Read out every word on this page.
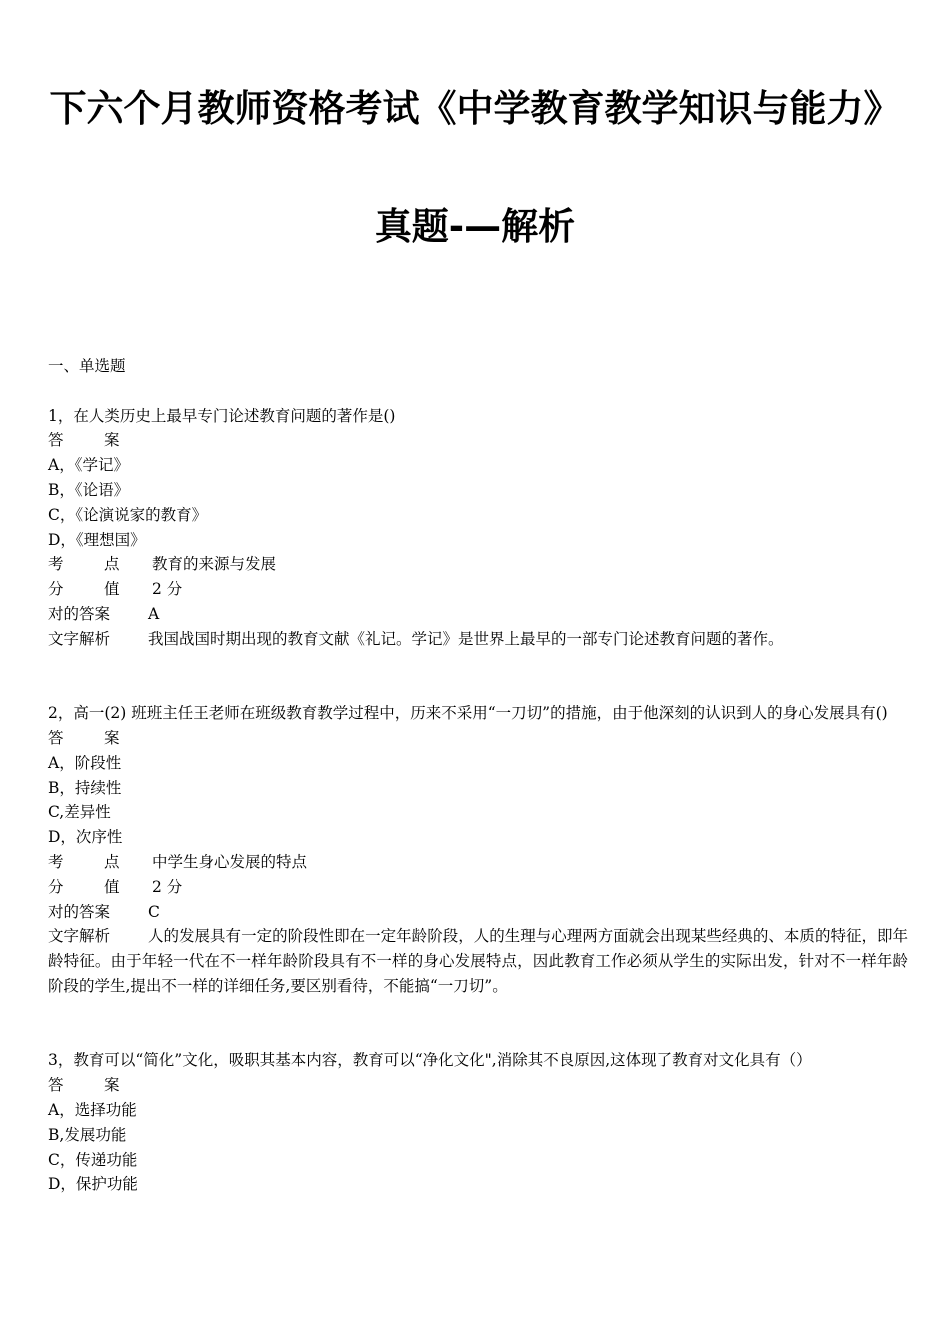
下六个月教师资格考试《中学教育教学知识与能力》
真题-—解析
一、单选题
1，在人类历史上最早专门论述教育问题的著作是()
答	案
A，《学记》
B，《论语》
C，《论演说家的教育》
D，《理想国》
考	点 教育的来源与发展
分	值 2 分
对的答案 A
文字解析 我国战国时期出现的教育文献《礼记。学记》是世界上最早的一部专门论述教育问题的著作。
2，高一(2) 班班主任王老师在班级教育教学过程中，历来不采用“一刀切”的措施，由于他深刻的认识到人的身心发展具有()
答	案
A，阶段性
B，持续性
C,差异性
D，次序性
考	点 中学生身心发展的特点
分	值 2 分
对的答案 C
文字解析 人的发展具有一定的阶段性即在一定年龄阶段，人的生理与心理两方面就会出现某些经典的、本质的特征，即年龄特征。由于年轻一代在不一样年龄阶段具有不一样的身心发展特点，因此教育工作必须从学生的实际出发，针对不一样年龄阶段的学生,提出不一样的详细任务,要区别看待，不能搞“一刀切”。
3，教育可以“简化”文化，吸职其基本内容，教育可以“净化文化",消除其不良原因,这体现了教育对文化具有（）
答	案
A，选择功能
B,发展功能
C，传递功能
D，保护功能
